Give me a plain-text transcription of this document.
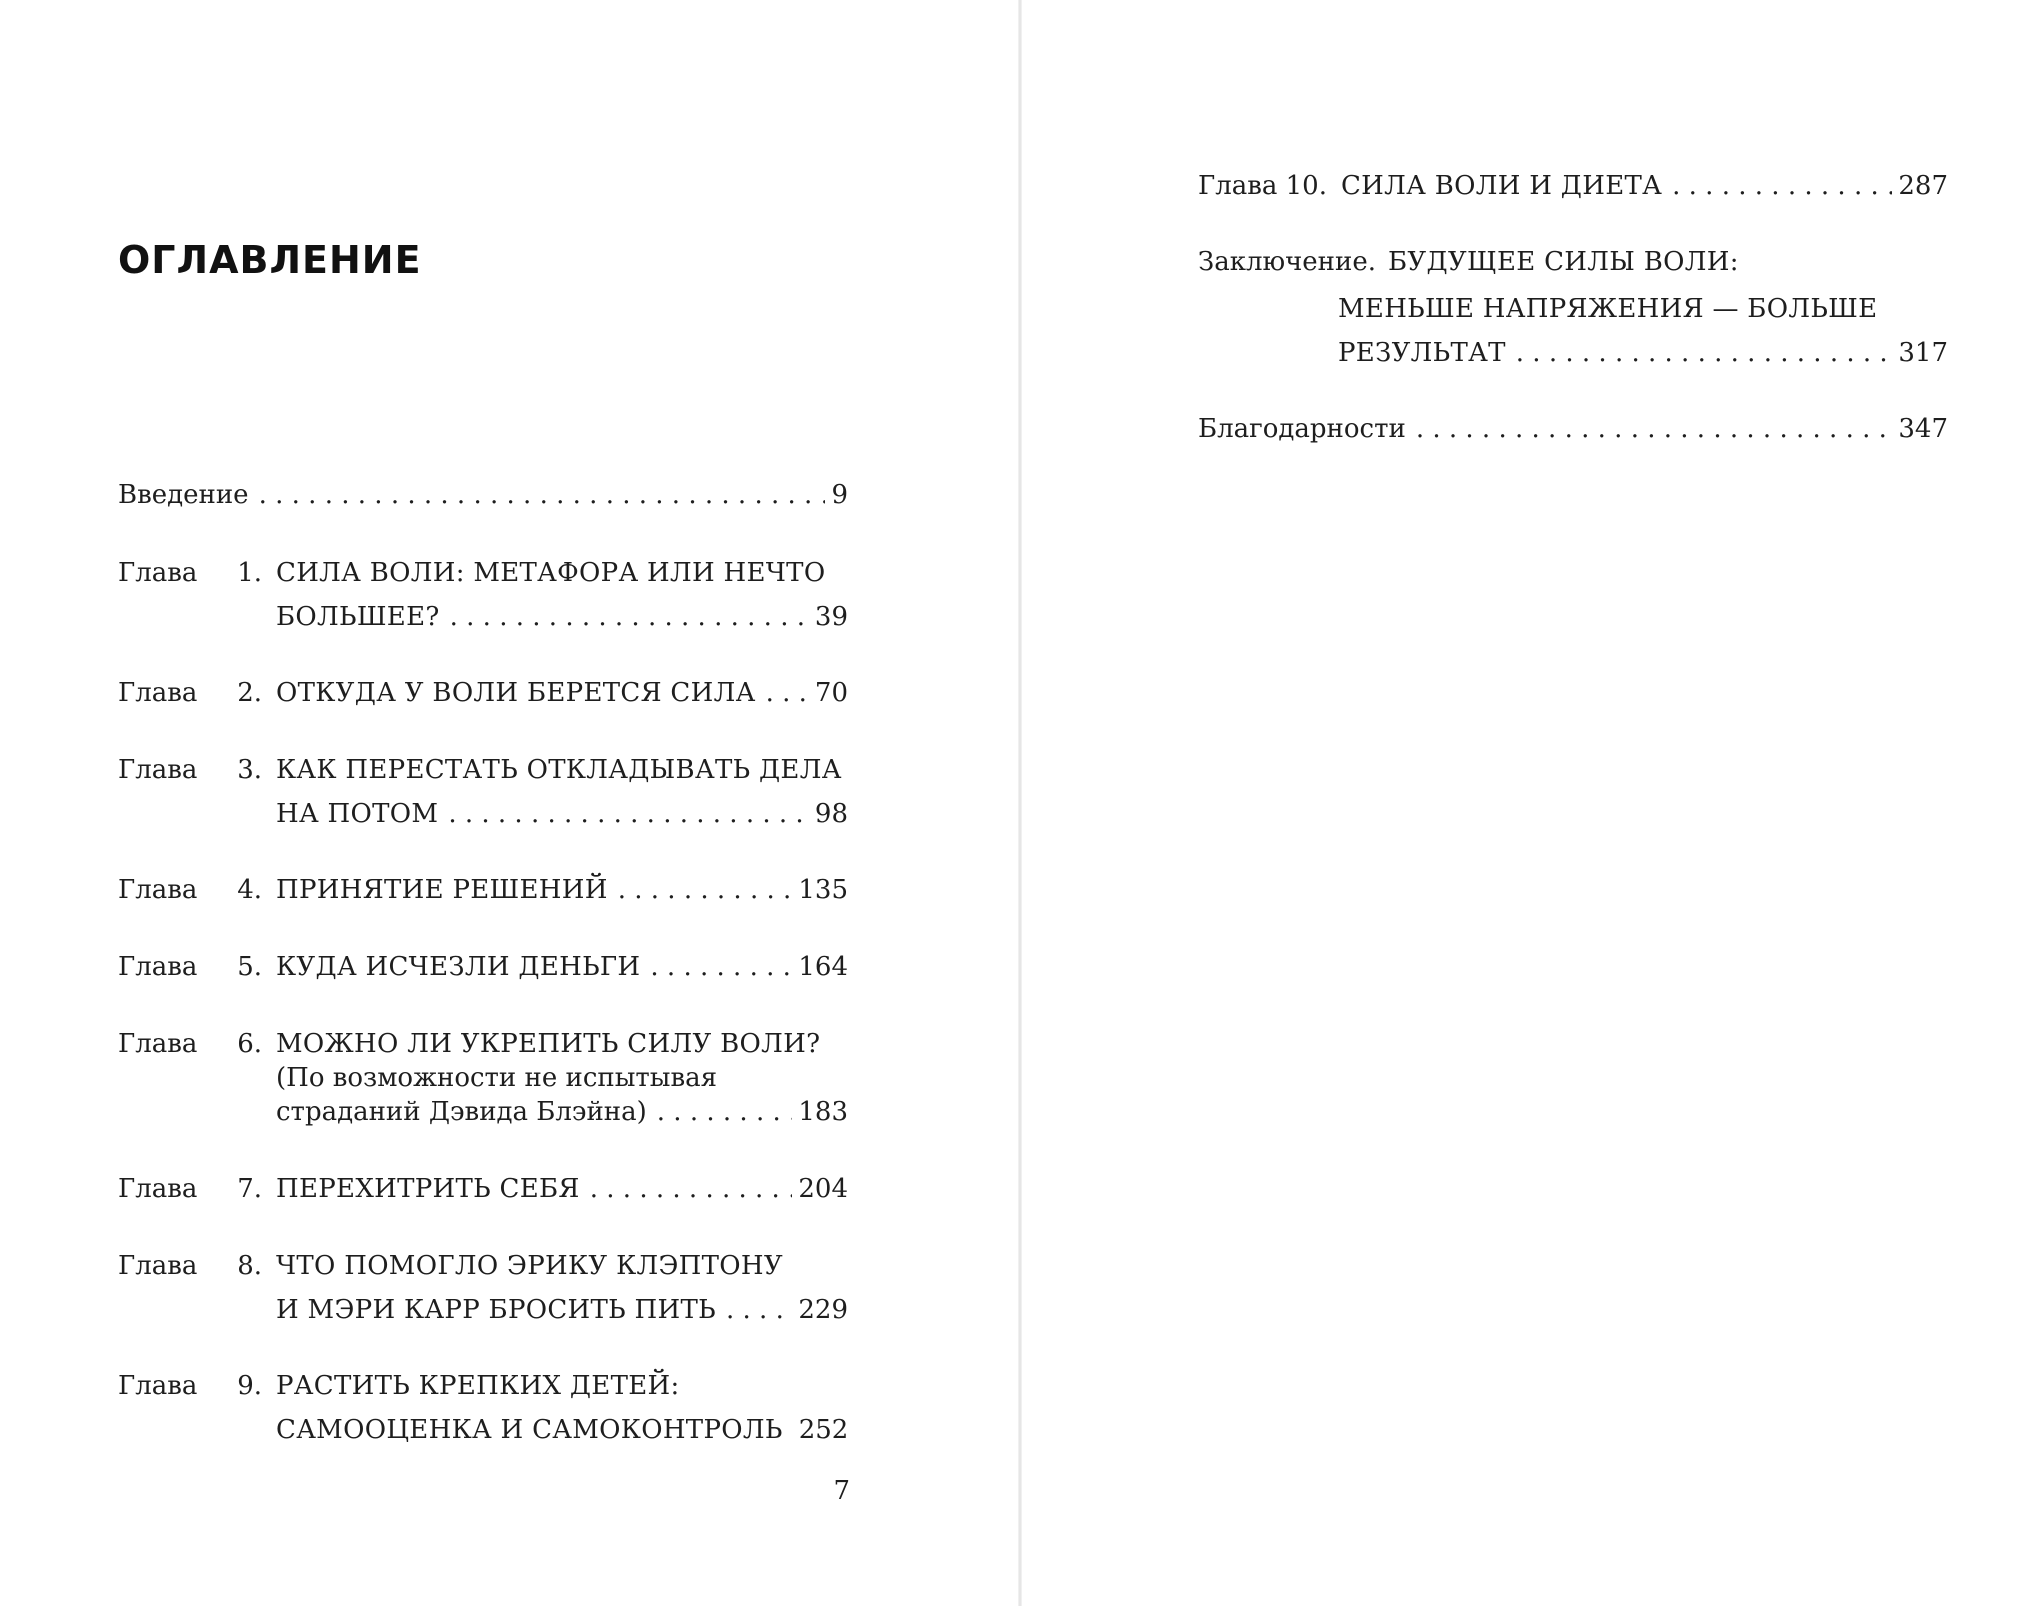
ОГЛАВЛЕНИЕ
Введение . . .	9
Глава	1. СИЛА ВОЛИ: МЕТАФОРА ИЛИ НЕЧТО
БОЛЬШЕЕ? . . .	39
Глава	2. ОТКУДА У ВОЛИ БЕРЕТСЯ СИЛА . . . 70
Глава	3. КАК ПЕРЕСТАТЬ ОТКЛАДЫВАТЬ ДЕЛА
НА ПОТОМ . . .	98
Глава	4. ПРИНЯТИЕ РЕШЕНИЙ . . .	135
Глава	5. КУДА ИСЧЕЗЛИ ДЕНЬГИ . . .	164
Глава	6. МОЖНО ЛИ УКРЕПИТЬ СИЛУ ВОЛИ?
(По возможности не испытывая
страданий Дэвида Блэйна) . . .	183
Глава	7. ПЕРЕХИТРИТЬ СЕБЯ . . .	204
Глава	8. ЧТО ПОМОГЛО ЭРИКУ КЛЭПТОНУ
И МЭРИ КАРР БРОСИТЬ ПИТЬ . . .	229
Глава	9. РАСТИТЬ КРЕПКИХ ДЕТЕЙ:
САМООЦЕНКА И САМОКОНТРОЛЬ 252
7
Глава 10. СИЛА ВОЛИ И ДИЕТА . . .	287
Заключение. БУДУЩЕЕ СИЛЫ ВОЛИ:
МЕНЬШЕ НАПРЯЖЕНИЯ — БОЛЬШЕ
РЕЗУЛЬТАТ . . .	317
Благодарности . . .	347
